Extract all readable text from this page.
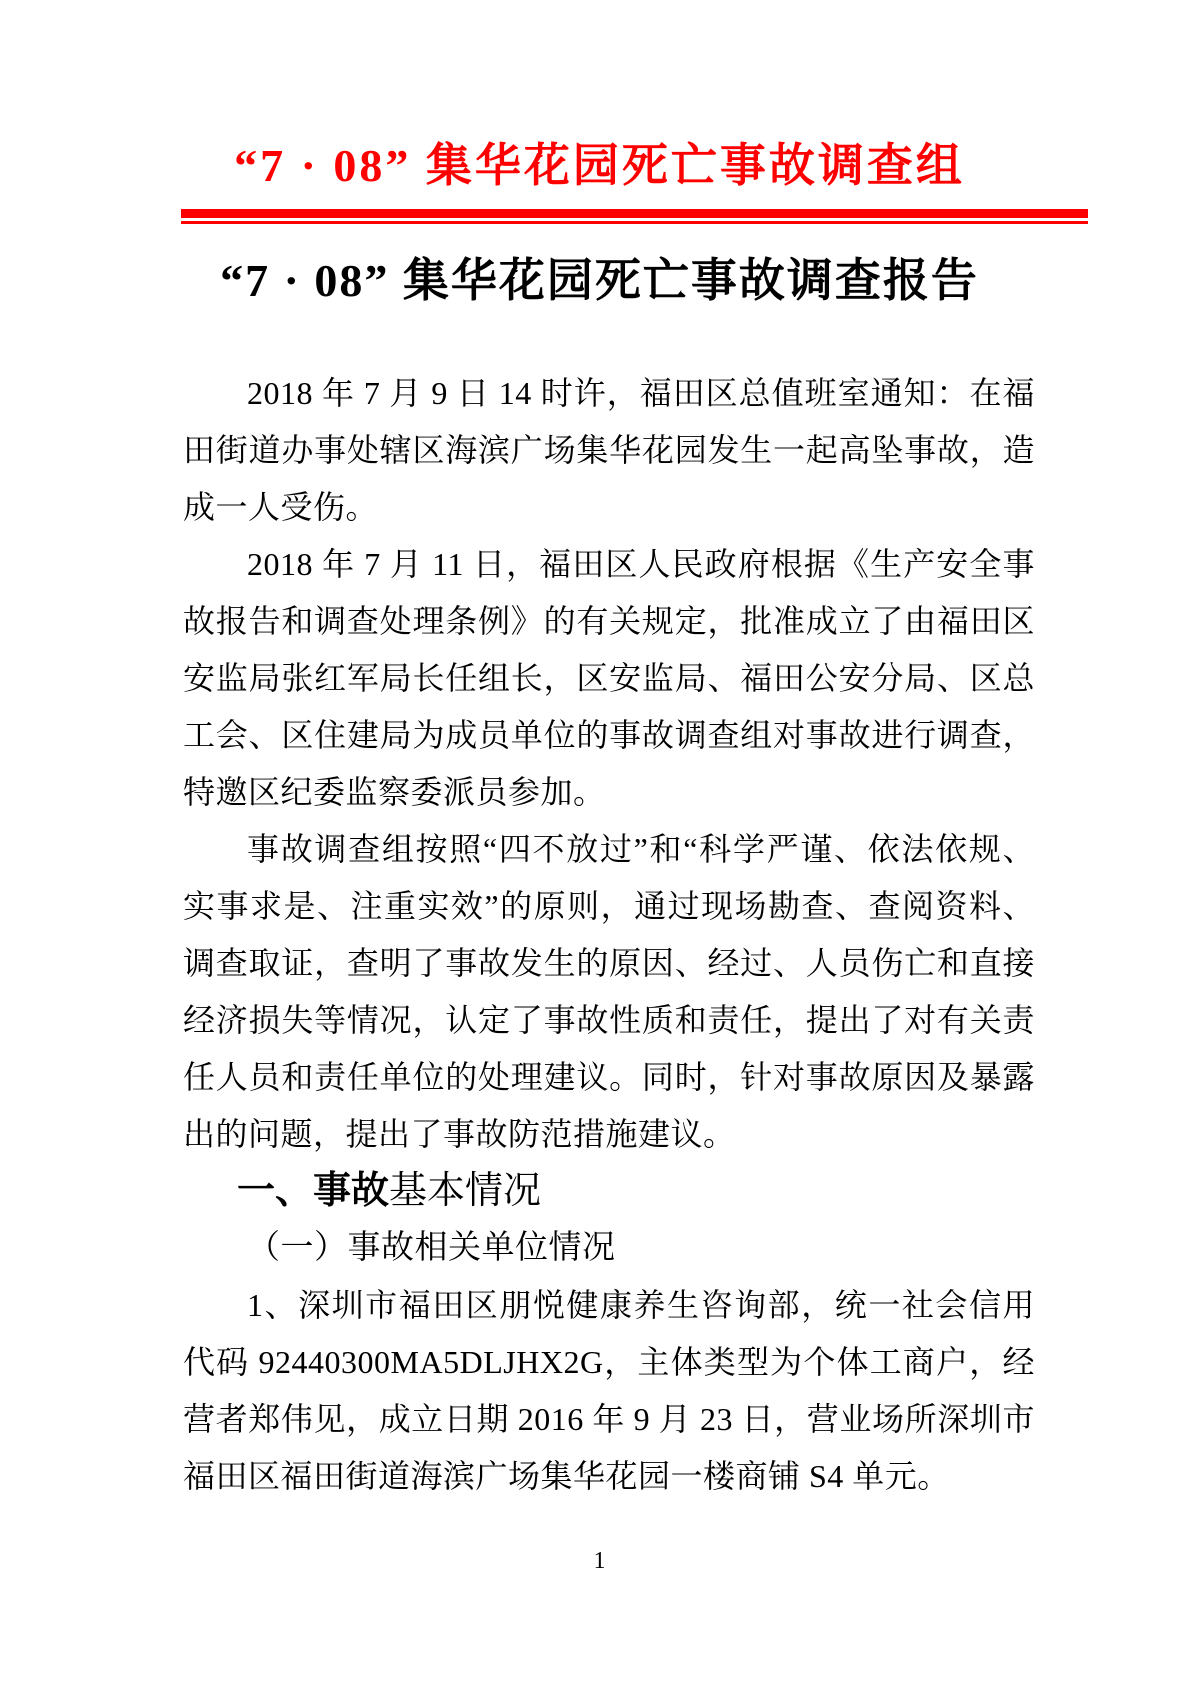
“7 · 08” 集华花园死亡事故调查组
“7 · 08” 集华花园死亡事故调查报告

2018 年 7 月 9 日 14 时许，福田区总值班室通知：在福田街道办事处辖区海滨广场集华花园发生一起高坠事故，造成一人受伤。

2018 年 7 月 11 日，福田区人民政府根据《生产安全事故报告和调查处理条例》的有关规定，批准成立了由福田区安监局张红军局长任组长，区安监局、福田公安分局、区总工会、区住建局为成员单位的事故调查组对事故进行调查，特邀区纪委监察委派员参加。

事故调查组按照“四不放过”和“科学严谨、依法依规、实事求是、注重实效”的原则，通过现场勘查、查阅资料、调查取证，查明了事故发生的原因、经过、人员伤亡和直接经济损失等情况，认定了事故性质和责任，提出了对有关责任人员和责任单位的处理建议。同时，针对事故原因及暴露出的问题，提出了事故防范措施建议。

一、事故基本情况

（一）事故相关单位情况

1、深圳市福田区朋悦健康养生咨询部，统一社会信用代码 92440300MA5DLJHX2G，主体类型为个体工商户，经营者郑伟见，成立日期 2016 年 9 月 23 日，营业场所深圳市福田区福田街道海滨广场集华花园一楼商铺 S4 单元。

1
